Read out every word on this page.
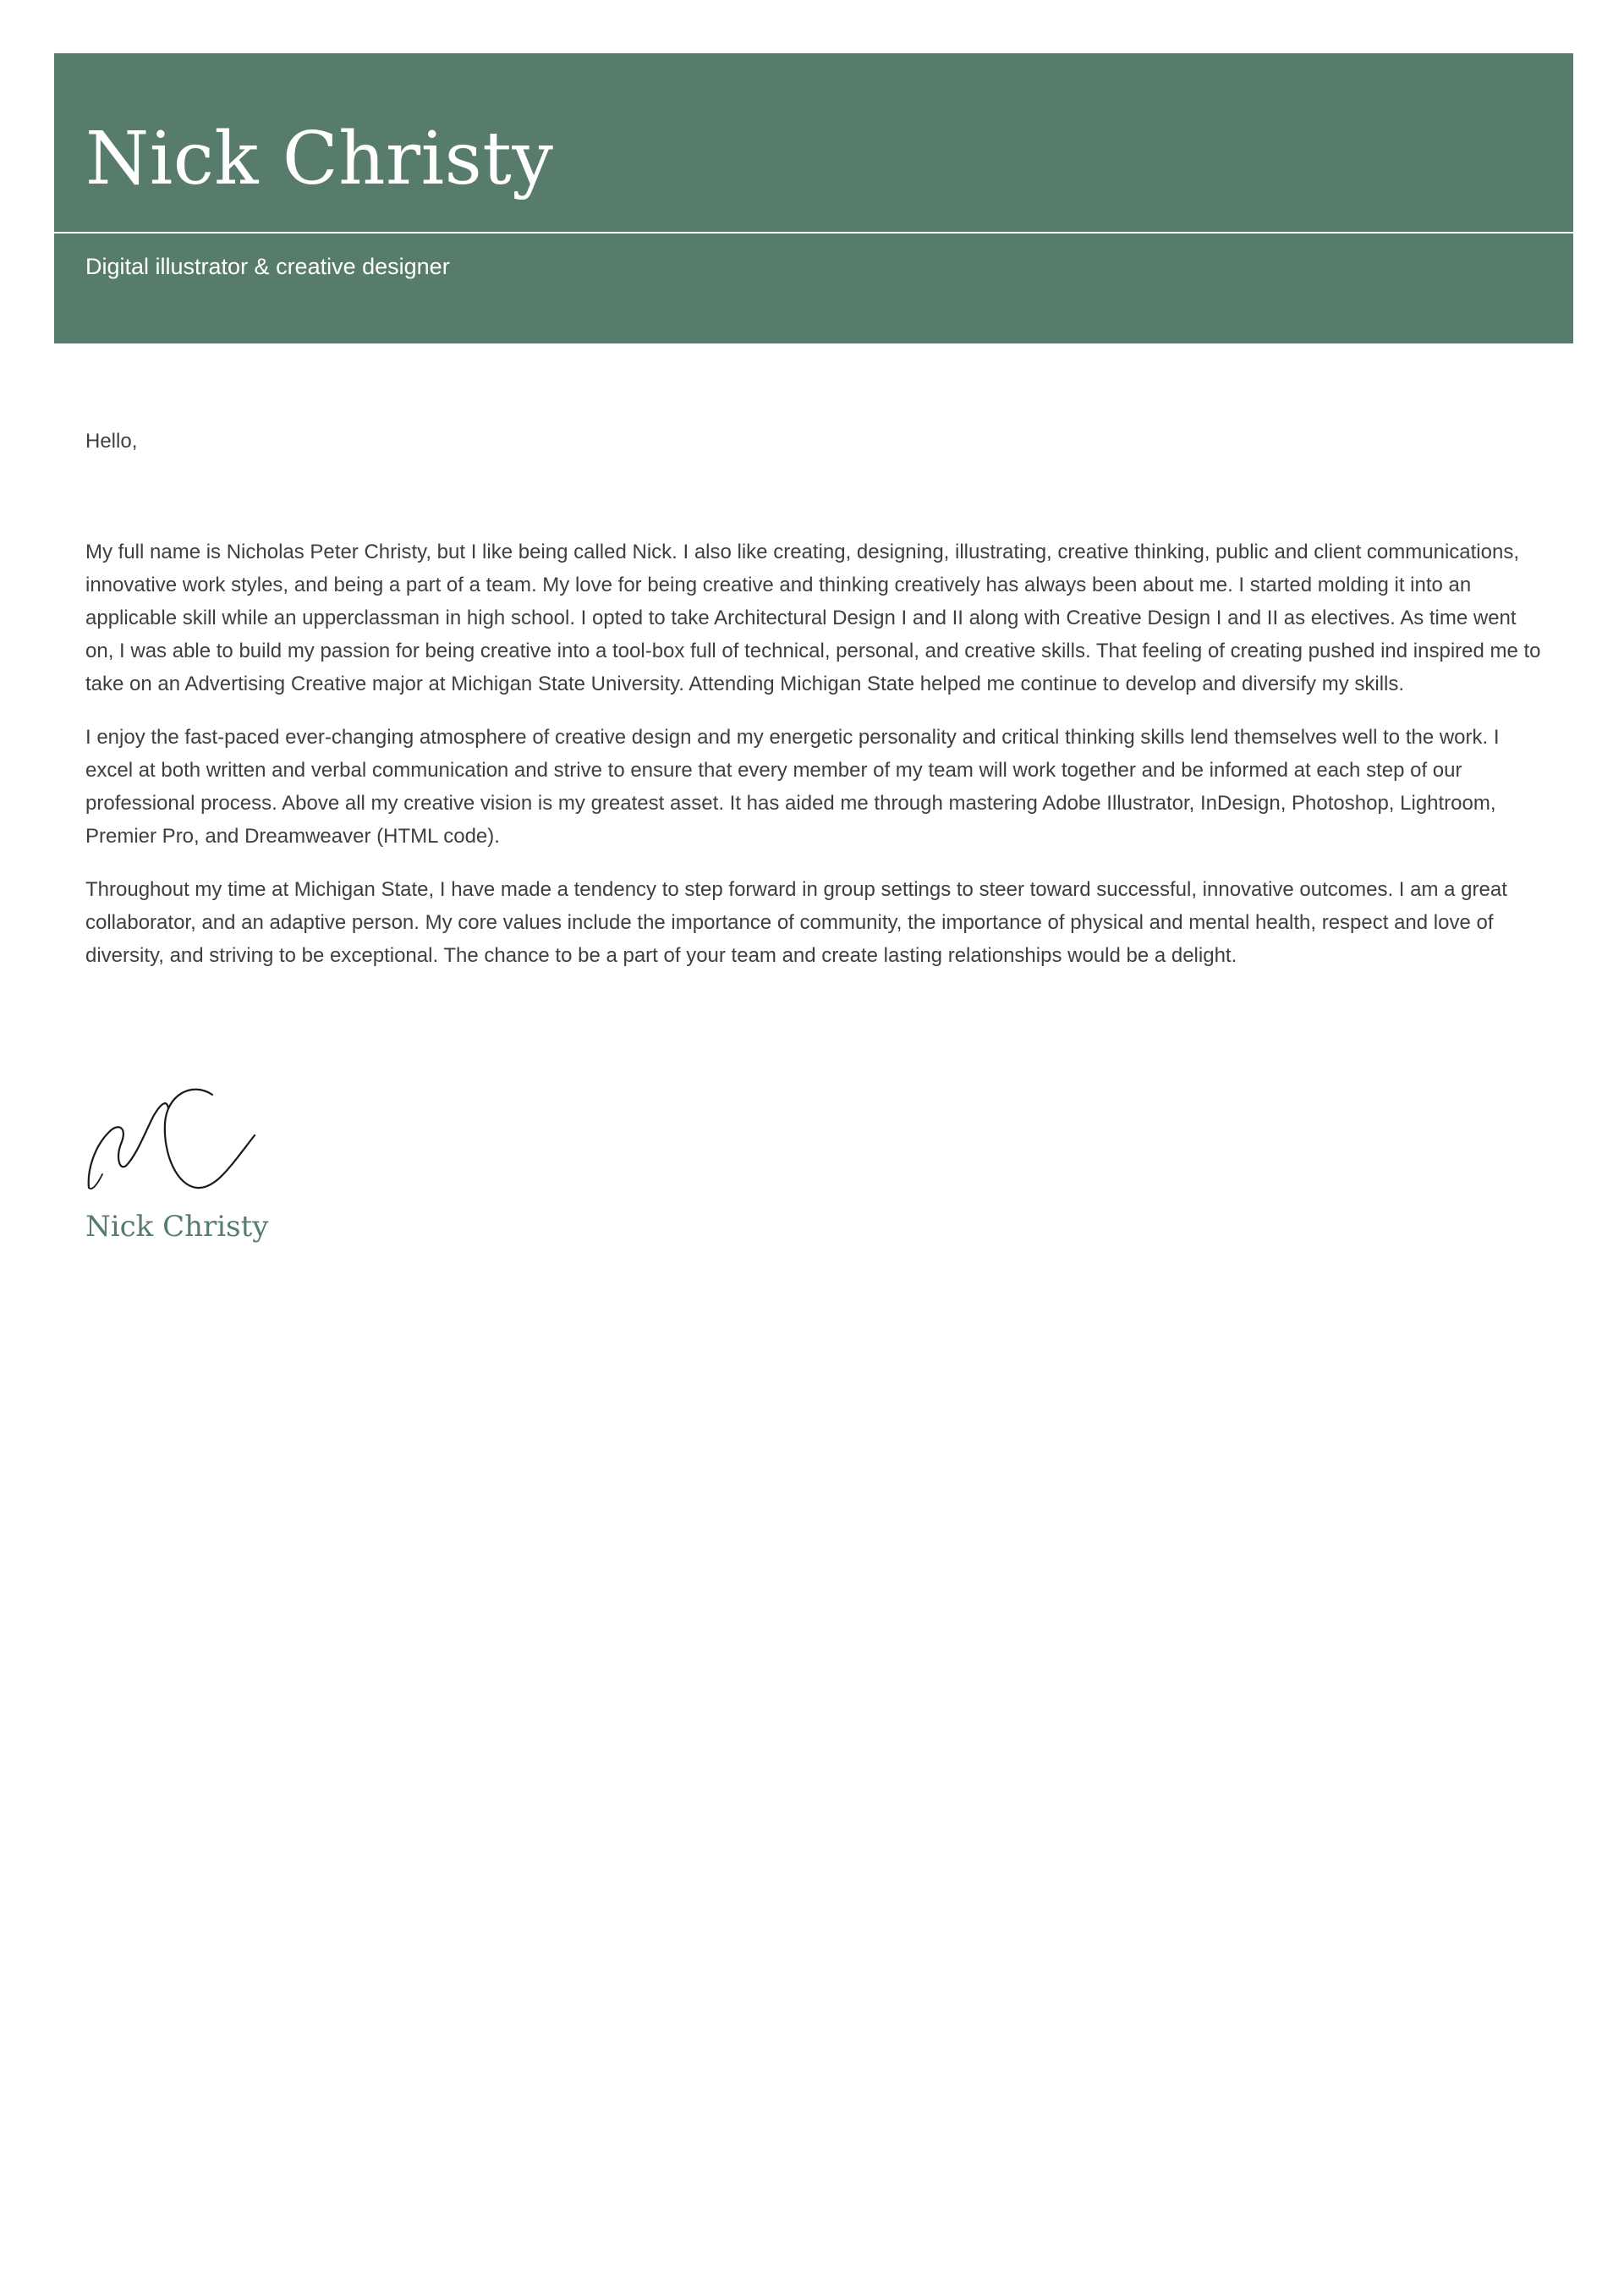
Nick Christy

Digital illustrator & creative designer

Hello,

My full name is Nicholas Peter Christy, but I like being called Nick. I also like creating, designing, illustrating, creative thinking, public and client communications, innovative work styles, and being a part of a team. My love for being creative and thinking creatively has always been about me. I started molding it into an applicable skill while an upperclassman in high school. I opted to take Architectural Design I and II along with Creative Design I and II as electives. As time went on, I was able to build my passion for being creative into a tool-box full of technical, personal, and creative skills. That feeling of creating pushed ind inspired me to take on an Advertising Creative major at Michigan State University. Attending Michigan State helped me continue to develop and diversify my skills.

I enjoy the fast-paced ever-changing atmosphere of creative design and my energetic personality and critical thinking skills lend themselves well to the work. I excel at both written and verbal communication and strive to ensure that every member of my team will work together and be informed at each step of our professional process. Above all my creative vision is my greatest asset. It has aided me through mastering Adobe Illustrator, InDesign, Photoshop, Lightroom, Premier Pro, and Dreamweaver (HTML code).

Throughout my time at Michigan State, I have made a tendency to step forward in group settings to steer toward successful, innovative outcomes. I am a great collaborator, and an adaptive person. My core values include the importance of community, the importance of physical and mental health, respect and love of diversity, and striving to be exceptional. The chance to be a part of your team and create lasting relationships would be a delight.

Nick Christy
